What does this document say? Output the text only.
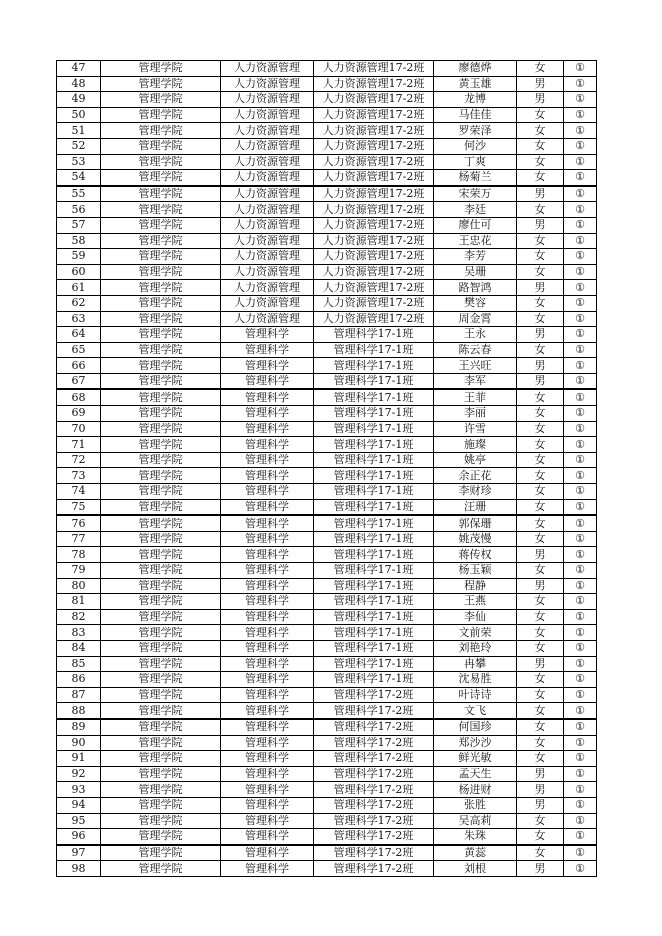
47	管理学院	人力资源管理	人力资源管理17-2班	廖德烨	女	①
48	管理学院	人力资源管理	人力资源管理17-2班	黄玉雄	男	①
49	管理学院	人力资源管理	人力资源管理17-2班	龙博	男	①
50	管理学院	人力资源管理	人力资源管理17-2班	马佳佳	女	①
51	管理学院	人力资源管理	人力资源管理17-2班	罗荣泽	女	①
52	管理学院	人力资源管理	人力资源管理17-2班	何沙	女	①
53	管理学院	人力资源管理	人力资源管理17-2班	丁爽	女	①
54	管理学院	人力资源管理	人力资源管理17-2班	杨菊兰	女	①
55	管理学院	人力资源管理	人力资源管理17-2班	宋荣万	男	①
56	管理学院	人力资源管理	人力资源管理17-2班	李廷	女	①
57	管理学院	人力资源管理	人力资源管理17-2班	廖仕可	男	①
58	管理学院	人力资源管理	人力资源管理17-2班	王忠花	女	①
59	管理学院	人力资源管理	人力资源管理17-2班	李芳	女	①
60	管理学院	人力资源管理	人力资源管理17-2班	吴珊	女	①
61	管理学院	人力资源管理	人力资源管理17-2班	路智鸿	男	①
62	管理学院	人力资源管理	人力资源管理17-2班	樊容	女	①
63	管理学院	人力资源管理	人力资源管理17-2班	周金霄	女	①
64	管理学院	管理科学	管理科学17-1班	王永	男	①
65	管理学院	管理科学	管理科学17-1班	陈云春	女	①
66	管理学院	管理科学	管理科学17-1班	王兴旺	男	①
67	管理学院	管理科学	管理科学17-1班	李军	男	①
68	管理学院	管理科学	管理科学17-1班	王菲	女	①
69	管理学院	管理科学	管理科学17-1班	李丽	女	①
70	管理学院	管理科学	管理科学17-1班	许雪	女	①
71	管理学院	管理科学	管理科学17-1班	施璨	女	①
72	管理学院	管理科学	管理科学17-1班	姚亭	女	①
73	管理学院	管理科学	管理科学17-1班	余正花	女	①
74	管理学院	管理科学	管理科学17-1班	李财珍	女	①
75	管理学院	管理科学	管理科学17-1班	汪珊	女	①
76	管理学院	管理科学	管理科学17-1班	郭保珊	女	①
77	管理学院	管理科学	管理科学17-1班	姚茂慢	女	①
78	管理学院	管理科学	管理科学17-1班	蒋传权	男	①
79	管理学院	管理科学	管理科学17-1班	杨玉颖	女	①
80	管理学院	管理科学	管理科学17-1班	程静	男	①
81	管理学院	管理科学	管理科学17-1班	王燕	女	①
82	管理学院	管理科学	管理科学17-1班	李仙	女	①
83	管理学院	管理科学	管理科学17-1班	文前荣	女	①
84	管理学院	管理科学	管理科学17-1班	刘艳玲	女	①
85	管理学院	管理科学	管理科学17-1班	冉攀	男	①
86	管理学院	管理科学	管理科学17-1班	沈易胜	女	①
87	管理学院	管理科学	管理科学17-2班	叶诗诗	女	①
88	管理学院	管理科学	管理科学17-2班	文飞	女	①
89	管理学院	管理科学	管理科学17-2班	何国珍	女	①
90	管理学院	管理科学	管理科学17-2班	郑沙沙	女	①
91	管理学院	管理科学	管理科学17-2班	鲜光敏	女	①
92	管理学院	管理科学	管理科学17-2班	孟天生	男	①
93	管理学院	管理科学	管理科学17-2班	杨进财	男	①
94	管理学院	管理科学	管理科学17-2班	张胜	男	①
95	管理学院	管理科学	管理科学17-2班	吴高莉	女	①
96	管理学院	管理科学	管理科学17-2班	朱珠	女	①
97	管理学院	管理科学	管理科学17-2班	黄蕊	女	①
98	管理学院	管理科学	管理科学17-2班	刘根	男	①
